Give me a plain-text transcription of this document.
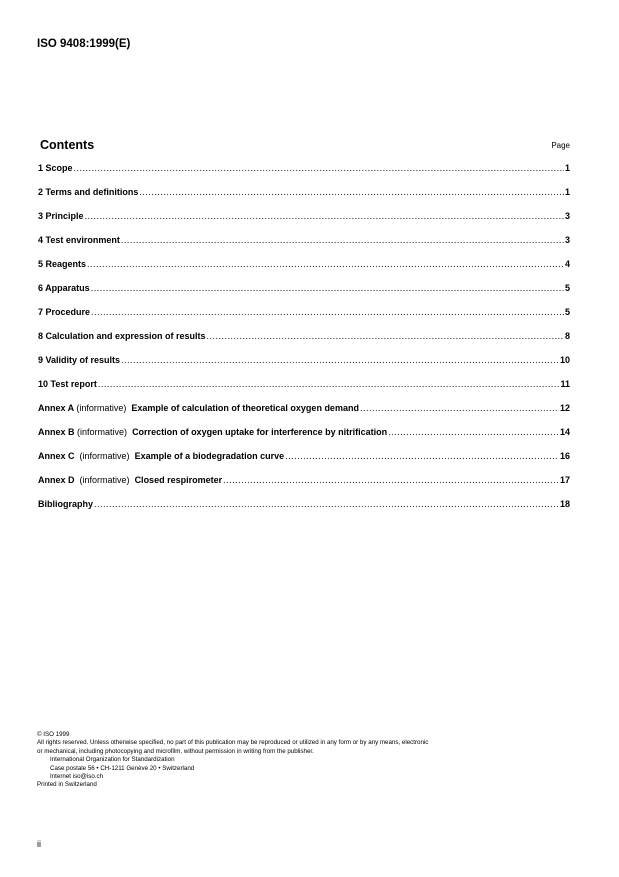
ISO 9408:1999(E)
Contents	Page
1 Scope .....	1
2 Terms and definitions .....	1
3 Principle .....	3
4 Test environment .....	3
5 Reagents .....	4
6 Apparatus .....	5
7 Procedure .....	5
8 Calculation and expression of results .....	8
9 Validity of results .....	10
10 Test report .....	11
Annex A (informative) Example of calculation of theoretical oxygen demand .....	12
Annex B (informative) Correction of oxygen uptake for interference by nitrification .....	14
Annex C (informative) Example of a biodegradation curve .....	16
Annex D (informative) Closed respirometer .....	17
Bibliography .....	18
© ISO 1999
All rights reserved. Unless otherwise specified, no part of this publication may be reproduced or utilized in any form or by any means, electronic
or mechanical, including photocopying and microfilm, without permission in writing from the publisher.
International Organization for Standardization
Case postale 56 • CH-1211 Genève 20 • Switzerland
Internet iso@iso.ch
Printed in Switzerland
ii
